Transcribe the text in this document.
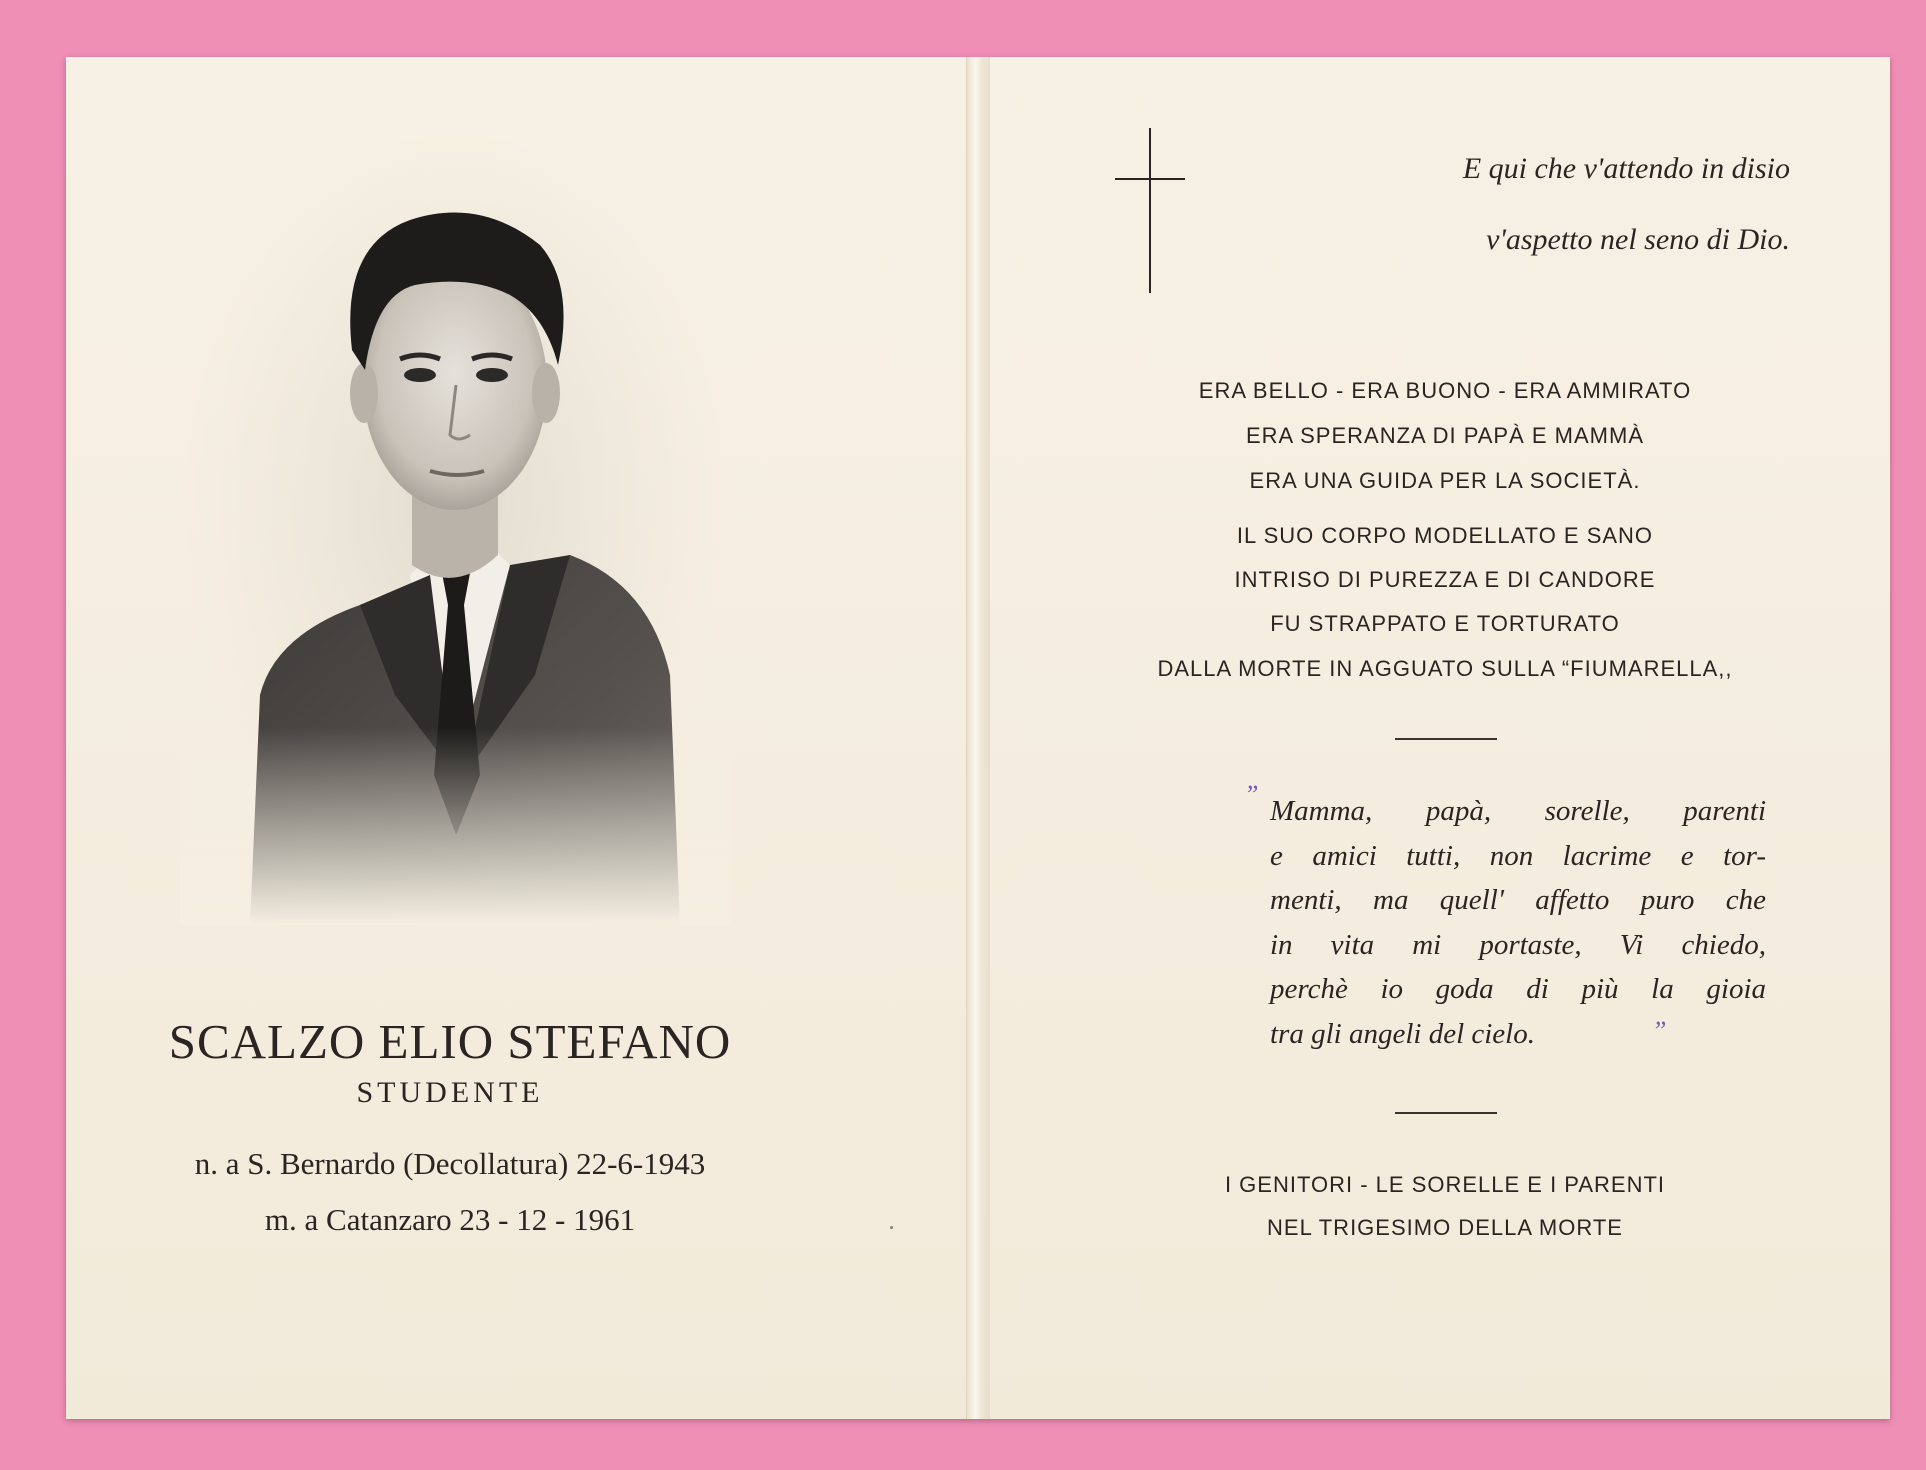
SCALZO ELIO STEFANO
STUDENTE
n. a S. Bernardo (Decollatura) 22-6-1943
m. a Catanzaro 23 - 12 - 1961
E qui che v'attendo in disio
v'aspetto nel seno di Dio.
ERA BELLO - ERA BUONO - ERA AMMIRATO
ERA SPERANZA DI PAPÀ E MAMMÀ
ERA UNA GUIDA PER LA SOCIETÀ.
IL SUO CORPO MODELLATO E SANO
INTRISO DI PUREZZA E DI CANDORE
FU STRAPPATO E TORTURATO
DALLA MORTE IN AGGUATO SULLA “FIUMARELLA,,
”
Mamma, papà, sorelle, parenti
e amici tutti, non lacrime e tor-
menti, ma quell' affetto puro che
in vita mi portaste, Vi chiedo,
perchè io goda di più la gioia
tra gli angeli del cielo.	”
I GENITORI - LE SORELLE E I PARENTI
NEL TRIGESIMO DELLA MORTE
